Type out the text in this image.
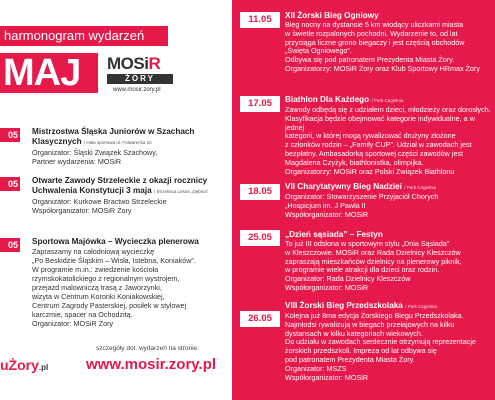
harmonogram wydarzeń
MAJ	MOSiR
ŻORY
www.mosir.zory.pl
05 Mistrzostwa Śląska Juniorów w Szachach Klasycznych / Hala sportowa ul. Folwarecka 10
Organizator: Śląski Związek Szachowy,
Partner wydarzenia: MOSiR
05 Otwarte Zawody Strzeleckie z okazji rocznicy Uchwalenia Konstytucji 3 maja / Strzelnica Leśna „Dębina”
Organizator: Kurkowe Bractwo Strzeleckie
Współorganizator: MOSiR Żory
05 Sportowa Majówka – Wycieczka plenerowa
Zapraszamy na całodniową wycieczkę
„Po Beskidzie Śląskim – Wisła, Istebna, Koniaków”.
W programie m.in.: zwiedzenie kościoła
rzymskokatolickiego z regionalnym wystrojem,
przejazd malowniczą trasą z Jaworzynki,
wizyta w Centrum Koronki Koniakowskiej,
Centrum Zagrody Pasterskiej, posiłek w stylowej
karczmie, spacer na Ochodzitą.
Organizator: MOSiR Żory
szczegóły dot. wydarzeń na stronie:
www.mosir.zory.pl
uŻory.pl
11.05	XII Żorski Bieg Ogniowy
Bieg nocny na dystansie 5 km wiodący uliczkami miasta
w świetle rozpalonych pochodni. Wydarzenie to, od lat
przyciąga liczne grono biegaczy i jest częścią obchodów
„Święta Ogniowego”.
Odbywa się pod patronatem Prezydenta Miasta Żory.
Organizatorzy: MOSiR Żory oraz Klub Sportowy HRmax Żory
17.05	Biathlon Dla Każdego / Park Cegielnia
Zawody odbędą się z udziałem dzieci, młodzieży oraz dorosłych.
Klasyfikacja będzie obejmować kategorie indywidualne, a w jednej
kategorii, w której mogą rywalizować drużyny złożone
z członków rodzin – „Family CUP”. Udział w zawodach jest
bezpłatny. Ambasadorką sportowej części zawodów jest
Magdalena Czyżyk, biathlonistka, olimpijka.
Organizatorzy: MOSiR oraz Polski Związek Biathlonu
18.05	VII Charytatywny Bieg Nadziei / Park Cegielnia
Organizator: Stowarzyszenie Przyjaciół Chorych
„Hospicjum im. J Pawła II
Współorganizator: MOSiR
25.05	„Dzień sąsiada” – Festyn
To już III odsłona w sportowym stylu „Dnia Sąsiada”
w Kleszczowie. MOSiR oraz Rada Dzielnicy Kleszczów
zapraszają mieszkańców dzielnicy na plenerowy piknik,
w programie wiele atrakcji dla dzieci oraz rodzin.
Organizator: Rada Dzielnicy Kleszczów
Współorganizator: MOSiR
26.05
VIII Żorski Bieg Przedszkolaka / Park Cegielnia
Kolejna już 8ma edycja Żorskiego Biegu Przedszkolaka.
Najmłodsi rywalizują w biegach przełajowych na kilku
dystansach w kilku kategoriach wiekowych.
Do udziału w zawodach serdecznie otrzymują reprezentacje
żorskich przedszkoli. Impreza od lat odbywa się
pod patronatem Prezydenta Miasta Żory.
Organizator: MSZS
Współorganizator: MOSiR
